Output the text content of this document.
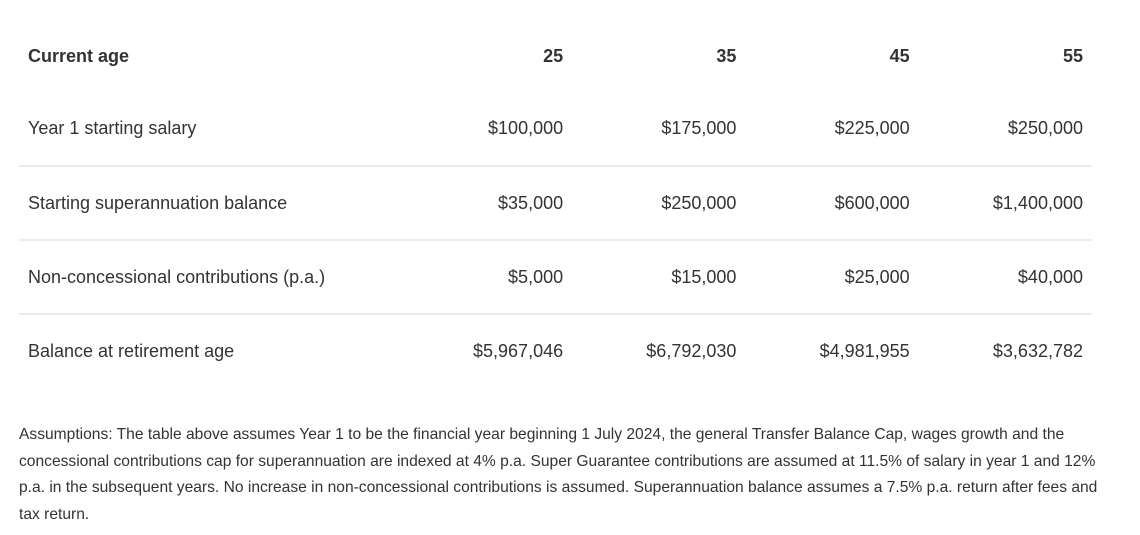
Current age	25	35	45	55
Year 1 starting salary	$100,000	$175,000	$225,000	$250,000
Starting superannuation balance	$35,000	$250,000	$600,000	$1,400,000
Non-concessional contributions (p.a.)	$5,000	$15,000	$25,000	$40,000
Balance at retirement age	$5,967,046	$6,792,030	$4,981,955	$3,632,782

Assumptions: The table above assumes Year 1 to be the financial year beginning 1 July 2024, the general Transfer Balance Cap, wages growth and the concessional contributions cap for superannuation are indexed at 4% p.a. Super Guarantee contributions are assumed at 11.5% of salary in year 1 and 12% p.a. in the subsequent years. No increase in non-concessional contributions is assumed. Superannuation balance assumes a 7.5% p.a. return after fees and tax return.
